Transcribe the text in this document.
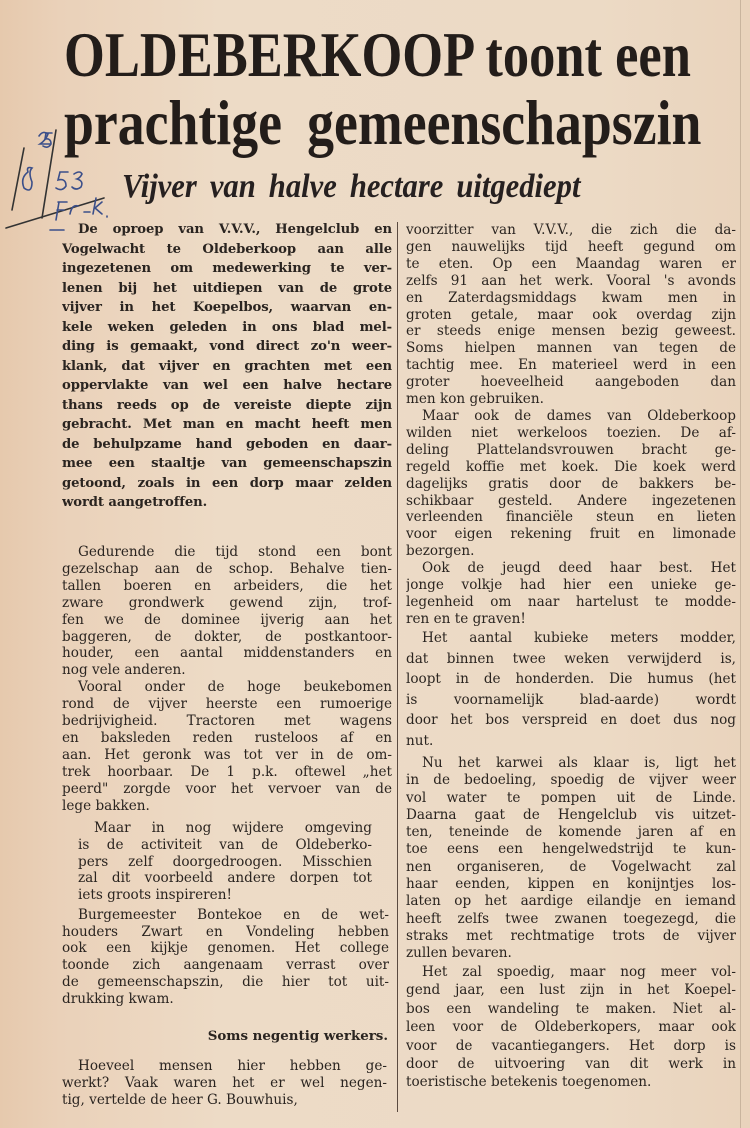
OLDEBERKOOP toont een
prachtige gemeenschapszin
Vijver van halve hectare uitgediept
De oproep van V.V.V., Hengelclub en
Vogelwacht te Oldeberkoop aan alle
ingezetenen om medewerking te ver-
lenen bij het uitdiepen van de grote
vijver in het Koepelbos, waarvan en-
kele weken geleden in ons blad mel-
ding is gemaakt, vond direct zo'n weer-
klank, dat vijver en grachten met een
oppervlakte van wel een halve hectare
thans reeds op de vereiste diepte zijn
gebracht. Met man en macht heeft men
de behulpzame hand geboden en daar-
mee een staaltje van gemeenschapszin
getoond, zoals in een dorp maar zelden
wordt aangetroffen.
Gedurende die tijd stond een bont
gezelschap aan de schop. Behalve tien-
tallen boeren en arbeiders, die het
zware grondwerk gewend zijn, trof-
fen we de dominee ijverig aan het
baggeren, de dokter, de postkantoor-
houder, een aantal middenstanders en
nog vele anderen.
Vooral onder de hoge beukebomen
rond de vijver heerste een rumoerige
bedrijvigheid. Tractoren met wagens
en baksleden reden rusteloos af en
aan. Het geronk was tot ver in de om-
trek hoorbaar. De 1 p.k. oftewel „het
peerd" zorgde voor het vervoer van de
lege bakken.
Maar in nog wijdere omgeving
is de activiteit van de Oldeberko-
pers zelf doorgedroogen. Misschien
zal dit voorbeeld andere dorpen tot
iets groots inspireren!
Burgemeester Bontekoe en de wet-
houders Zwart en Vondeling hebben
ook een kijkje genomen. Het college
toonde zich aangenaam verrast over
de gemeenschapszin, die hier tot uit-
drukking kwam.
Soms negentig werkers.
Hoeveel mensen hier hebben ge-
werkt? Vaak waren het er wel negen-
tig, vertelde de heer G. Bouwhuis,
voorzitter van V.V.V., die zich die da-
gen nauwelijks tijd heeft gegund om
te eten. Op een Maandag waren er
zelfs 91 aan het werk. Vooral 's avonds
en Zaterdagsmiddags kwam men in
groten getale, maar ook overdag zijn
er steeds enige mensen bezig geweest.
Soms hielpen mannen van tegen de
tachtig mee. En materieel werd in een
groter hoeveelheid aangeboden dan
men kon gebruiken.
Maar ook de dames van Oldeberkoop
wilden niet werkeloos toezien. De af-
deling Plattelandsvrouwen bracht ge-
regeld koffie met koek. Die koek werd
dagelijks gratis door de bakkers be-
schikbaar gesteld. Andere ingezetenen
verleenden financiële steun en lieten
voor eigen rekening fruit en limonade
bezorgen.
Ook de jeugd deed haar best. Het
jonge volkje had hier een unieke ge-
legenheid om naar hartelust te modde-
ren en te graven!
Het aantal kubieke meters modder,
dat binnen twee weken verwijderd is,
loopt in de honderden. Die humus (het
is voornamelijk blad-aarde) wordt
door het bos verspreid en doet dus nog
nut.
Nu het karwei als klaar is, ligt het
in de bedoeling, spoedig de vijver weer
vol water te pompen uit de Linde.
Daarna gaat de Hengelclub vis uitzet-
ten, teneinde de komende jaren af en
toe eens een hengelwedstrijd te kun-
nen organiseren, de Vogelwacht zal
haar eenden, kippen en konijntjes los-
laten op het aardige eilandje en iemand
heeft zelfs twee zwanen toegezegd, die
straks met rechtmatige trots de vijver
zullen bevaren.
Het zal spoedig, maar nog meer vol-
gend jaar, een lust zijn in het Koepel-
bos een wandeling te maken. Niet al-
leen voor de Oldeberkopers, maar ook
voor de vacantiegangers. Het dorp is
door de uitvoering van dit werk in
toeristische betekenis toegenomen.
